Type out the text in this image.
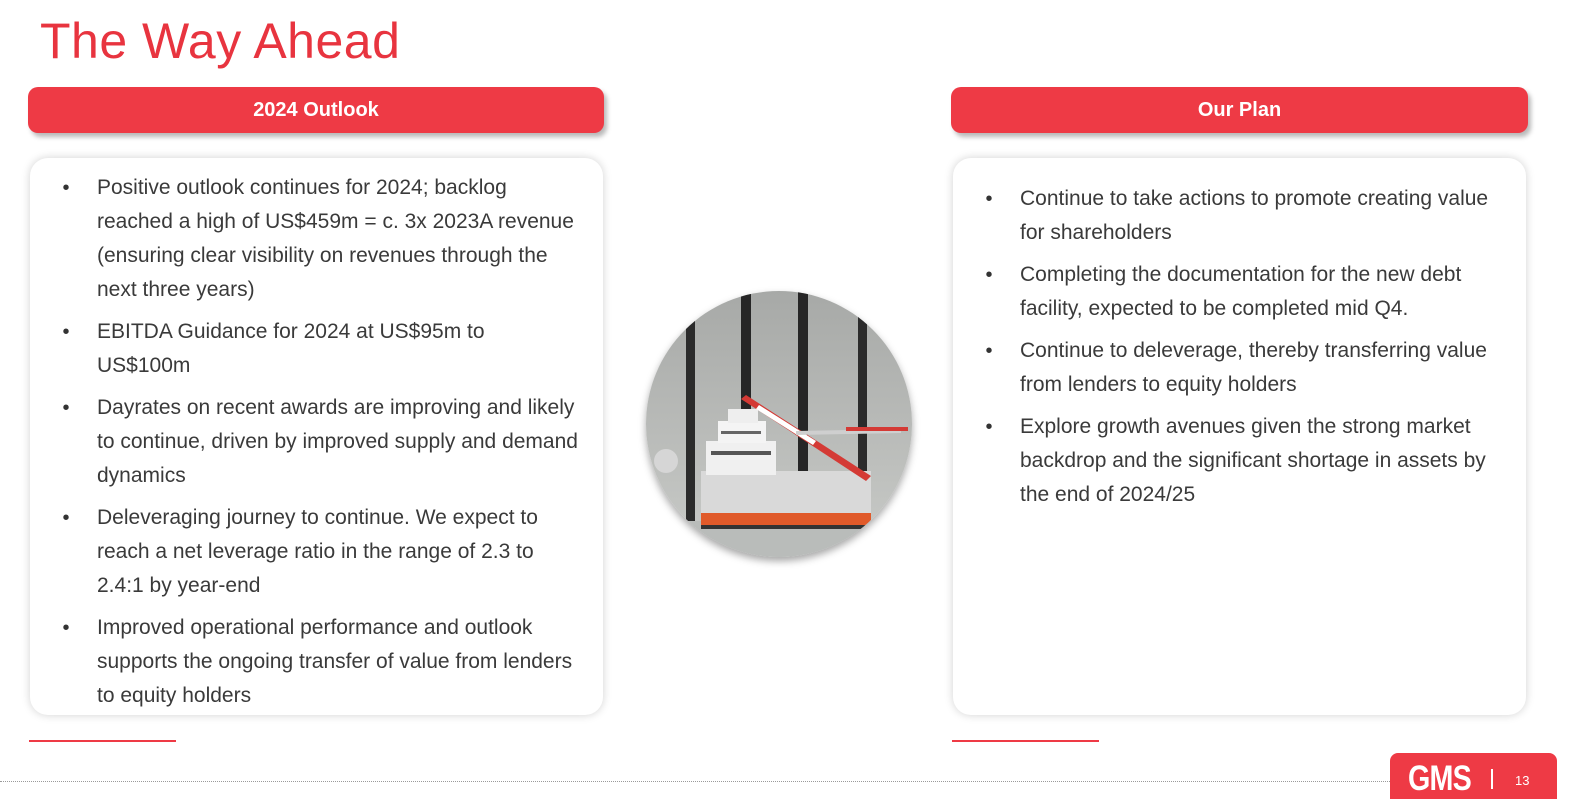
The Way Ahead
2024 Outlook	Our Plan
• Positive outlook continues for 2024; backlog reached a high of US$459m = c. 3x 2023A revenue (ensuring clear visibility on revenues through the next three years)
• EBITDA Guidance for 2024 at US$95m to US$100m
• Dayrates on recent awards are improving and likely to continue, driven by improved supply and demand dynamics
• Deleveraging journey to continue. We expect to reach a net leverage ratio in the range of 2.3 to 2.4:1 by year-end
• Improved operational performance and outlook supports the ongoing transfer of value from lenders to equity holders
• Continue to take actions to promote creating value for shareholders
• Completing the documentation for the new debt facility, expected to be completed mid Q4.
• Continue to deleverage, thereby transferring value from lenders to equity holders
• Explore growth avenues given the strong market backdrop and the significant shortage in assets by the end of 2024/25
GMS	13
